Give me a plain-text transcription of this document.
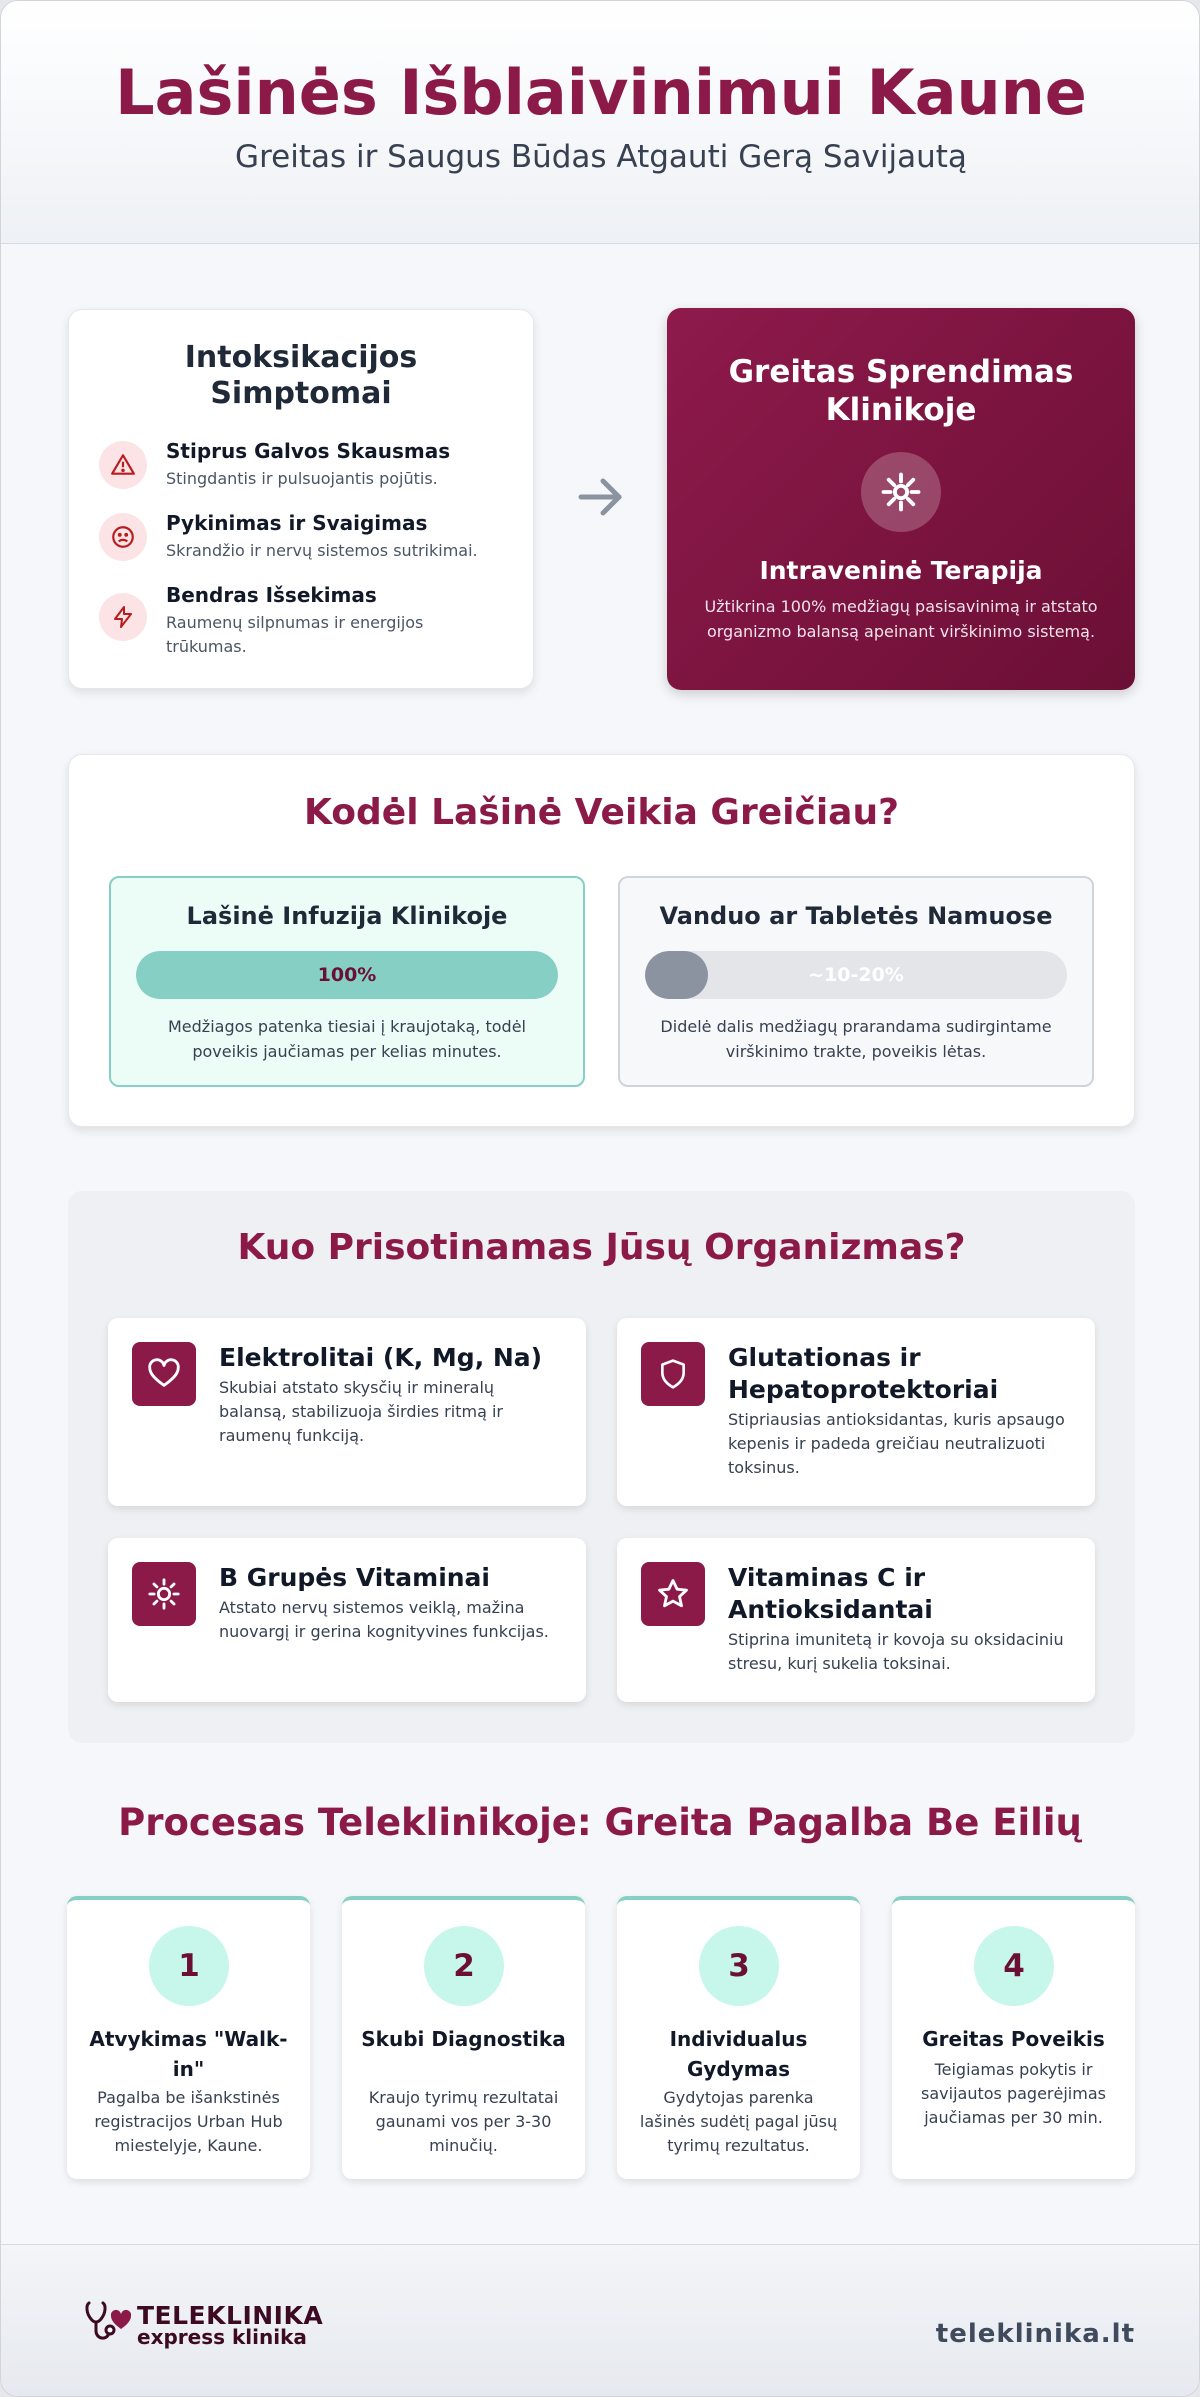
Lašinės Išblaivinimui Kaune
Greitas ir Saugus Būdas Atgauti Gerą Savijautą
Intoksikacijos Simptomai
Stiprus Galvos Skausmas
Stingdantis ir pulsuojantis pojūtis.
Pykinimas ir Svaigimas
Skrandžio ir nervų sistemos sutrikimai.
Bendras Išsekimas
Raumenų silpnumas ir energijos trūkumas.
Greitas Sprendimas Klinikoje
Intraveninė Terapija

Užtikrina 100% medžiagų pasisavinimą ir atstato organizmo balansą apeinant virškinimo sistemą.

Kodėl Lašinė Veikia Greičiau?
Lašinė Infuzija Klinikoje
100%
Medžiagos patenka tiesiai į kraujotaką, todėl poveikis jaučiamas per kelias minutes.
Vanduo ar Tabletės Namuose
~10-20%
Didelė dalis medžiagų prarandama sudirgintame virškinimo trakte, poveikis lėtas.
Kuo Prisotinamas Jūsų Organizmas?
Elektrolitai (K, Mg, Na)
Skubiai atstato skysčių ir mineralų balansą, stabilizuoja širdies ritmą ir raumenų funkciją.
Glutationas ir Hepatoprotektoriai
Stipriausias antioksidantas, kuris apsaugo kepenis ir padeda greičiau neutralizuoti toksinus.
B Grupės Vitaminai
Atstato nervų sistemos veiklą, mažina nuovargį ir gerina kognityvines funkcijas.
Vitaminas C ir Antioksidantai
Stiprina imunitetą ir kovoja su oksidaciniu stresu, kurį sukelia toksinai.
Procesas Teleklinikoje: Greita Pagalba Be Eilių
1
Atvykimas "Walk-in"
Pagalba be išankstinės registracijos Urban Hub miestelyje, Kaune.
2
Skubi Diagnostika
Kraujo tyrimų rezultatai gaunami vos per 3-30 minučių.
3
Individualus Gydymas
Gydytojas parenka lašinės sudėtį pagal jūsų tyrimų rezultatus.
4
Greitas Poveikis
Teigiamas pokytis ir savijautos pagerėjimas jaučiamas per 30 min.
TELEKLINIKA
express klinika	teleklinika.lt
